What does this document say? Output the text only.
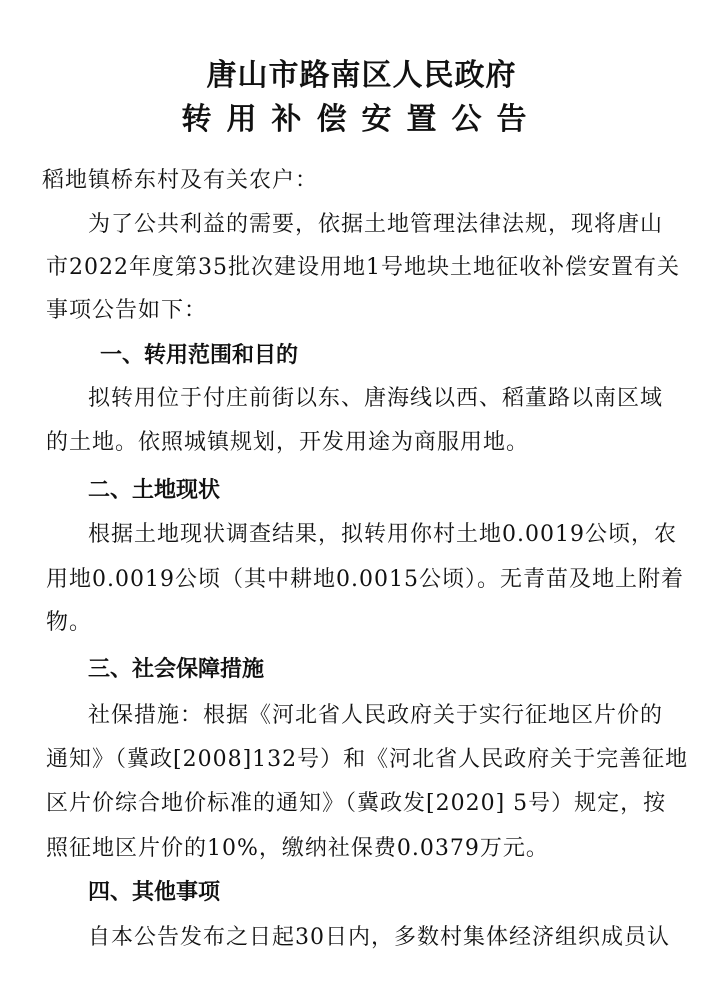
唐山市路南区人民政府
转用补偿安置公告
稻地镇桥东村及有关农户：
为了公共利益的需要，依据土地管理法律法规，现将唐山
市2022年度第35批次建设用地1号地块土地征收补偿安置有关
事项公告如下：
一、转用范围和目的
拟转用位于付庄前街以东、唐海线以西、稻董路以南区域
的土地。依照城镇规划，开发用途为商服用地。
二、土地现状
根据土地现状调查结果，拟转用你村土地0.0019公顷，农
用地0.0019公顷（其中耕地0.0015公顷）。无青苗及地上附着
物。
三、社会保障措施
社保措施：根据《河北省人民政府关于实行征地区片价的
通知》（冀政[2008]132号）和《河北省人民政府关于完善征地
区片价综合地价标准的通知》（冀政发[2020] 5号）规定，按
照征地区片价的10%，缴纳社保费0.0379万元。
四、其他事项
自本公告发布之日起30日内，多数村集体经济组织成员认
